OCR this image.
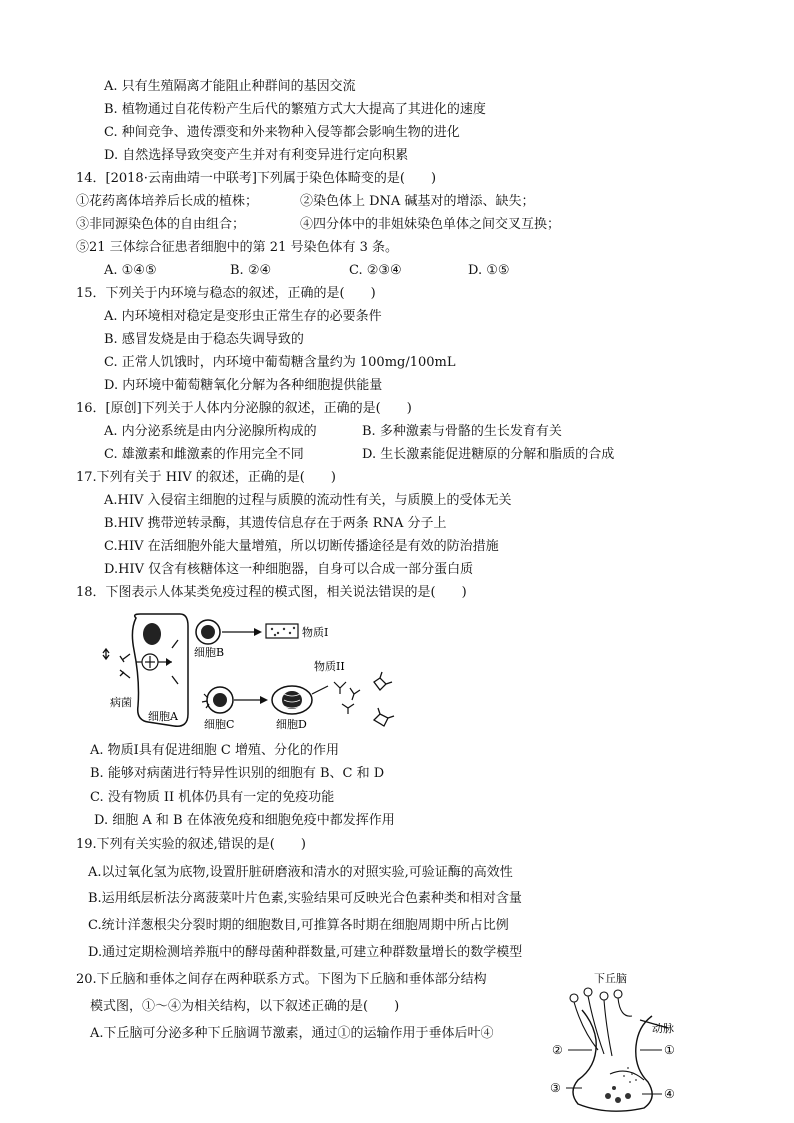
A. 只有生殖隔离才能阻止种群间的基因交流
B. 植物通过自花传粉产生后代的繁殖方式大大提高了其进化的速度
C. 种间竞争、遗传漂变和外来物种入侵等都会影响生物的进化
D. 自然选择导致突变产生并对有利变异进行定向积累
14．[2018·云南曲靖一中联考]下列属于染色体畸变的是(　　)
①花药离体培养后长成的植株；	②染色体上 DNA 碱基对的增添、缺失；
③非同源染色体的自由组合；	④四分体中的非姐妹染色单体之间交叉互换；
⑤21 三体综合征患者细胞中的第 21 号染色体有 3 条。
A. ①④⑤	B. ②④	C. ②③④	D. ①⑤
15．下列关于内环境与稳态的叙述，正确的是(　　)
A. 内环境相对稳定是变形虫正常生存的必要条件
B. 感冒发烧是由于稳态失调导致的
C. 正常人饥饿时，内环境中葡萄糖含量约为 100mg/100mL
D. 内环境中葡萄糖氧化分解为各种细胞提供能量
16．[原创]下列关于人体内分泌腺的叙述，正确的是(　　)
A. 内分泌系统是由内分泌腺所构成的	B. 多种激素与骨骼的生长发育有关
C. 雄激素和雌激素的作用完全不同	D. 生长激素能促进糖原的分解和脂质的合成
17.下列有关于 HIV 的叙述，正确的是(　　)
A.HIV 入侵宿主细胞的过程与质膜的流动性有关，与质膜上的受体无关
B.HIV 携带逆转录酶，其遗传信息存在于两条 RNA 分子上
C.HIV 在活细胞外能大量增殖，所以切断传播途径是有效的防治措施
D.HIV 仅含有核糖体这一种细胞器，自身可以合成一部分蛋白质
18．下图表示人体某类免疫过程的模式图，相关说法错误的是(　　)
病菌
细胞A
细胞B
物质Ⅰ
细胞C	细胞D
物质II
A. 物质Ⅰ具有促进细胞 C 增殖、分化的作用
B. 能够对病菌进行特异性识别的细胞有 B、C 和 D
C. 没有物质 II 机体仍具有一定的免疫功能
D. 细胞 A 和 B 在体液免疫和细胞免疫中都发挥作用
19.下列有关实验的叙述,错误的是(　　)
A.以过氧化氢为底物,设置肝脏研磨液和清水的对照实验,可验证酶的高效性
B.运用纸层析法分离菠菜叶片色素,实验结果可反映光合色素种类和相对含量
C.统计洋葱根尖分裂时期的细胞数目,可推算各时期在细胞周期中所占比例
D.通过定期检测培养瓶中的酵母菌种群数量,可建立种群数量增长的数学模型
20.下丘脑和垂体之间存在两种联系方式。下图为下丘脑和垂体部分结构
模式图，①～④为相关结构，以下叙述正确的是(　　)
A.下丘脑可分泌多种下丘脑调节激素，通过①的运输作用于垂体后叶④
下丘脑
动脉
②	①
③	④
